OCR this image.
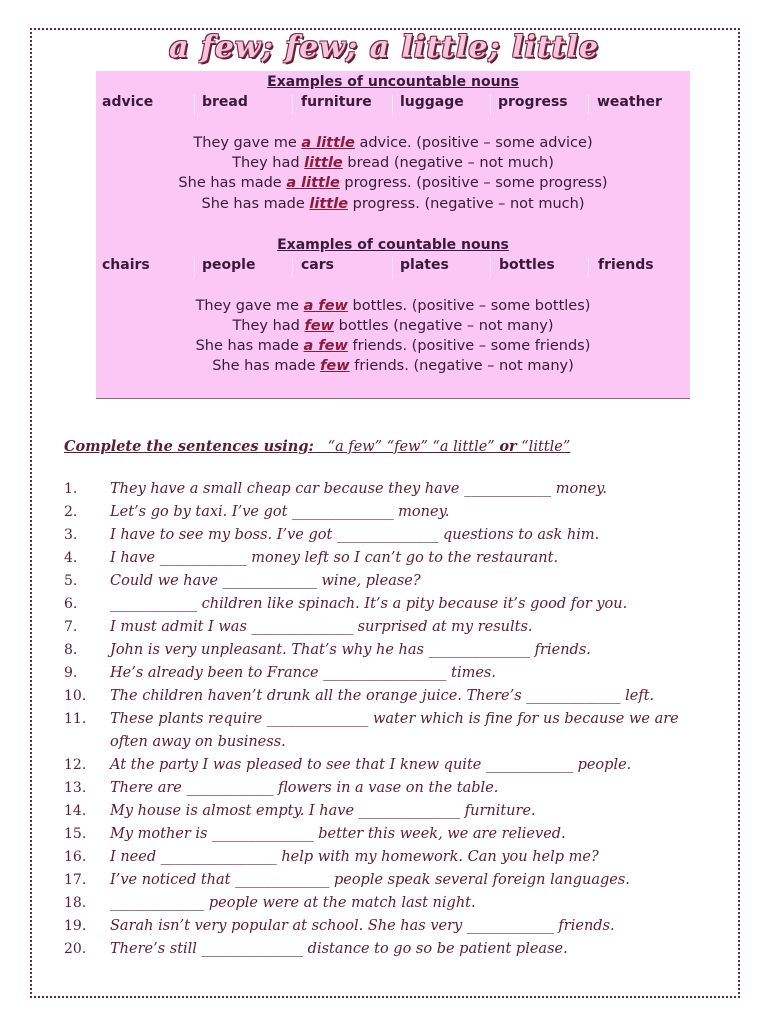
a few; few; a little; little
Examples of uncountable nouns
advice	bread	furniture luggage progress weather
They gave me a little advice. (positive – some advice)
They had little bread (negative – not much)
She has made a little progress. (positive – some progress)
She has made little progress. (negative – not much)
Examples of countable nouns
chairs	people	cars	plates	bottles	friends
They gave me a few bottles. (positive – some bottles)
They had few bottles (negative – not many)
She has made a few friends. (positive – some friends)
She has made few friends. (negative – not many)
Complete the sentences using: “a few” “few” “a little” or “little”
1.	They have a small cheap car because they have ____________ money.
2.	Let’s go by taxi. I’ve got ______________ money.
3.	I have to see my boss. I’ve got ______________ questions to ask him.
4.	I have ____________ money left so I can’t go to the restaurant.
5.	Could we have _____________ wine, please?
6.	____________ children like spinach. It’s a pity because it’s good for you.
7.	I must admit I was ______________ surprised at my results.
8.	John is very unpleasant. That’s why he has ______________ friends.
9.	He’s already been to France _________________ times.
10.	The children haven’t drunk all the orange juice. There’s _____________ left.
11.	These plants require ______________ water which is fine for us because we are often away on business.
12.	At the party I was pleased to see that I knew quite ____________ people.
13.	There are ____________ flowers in a vase on the table.
14.	My house is almost empty. I have ______________ furniture.
15.	My mother is ______________ better this week, we are relieved.
16.	I need ________________ help with my homework. Can you help me?
17.	I’ve noticed that _____________ people speak several foreign languages.
18.	_____________ people were at the match last night.
19.	Sarah isn’t very popular at school. She has very ____________ friends.
20.	There’s still ______________ distance to go so be patient please.
